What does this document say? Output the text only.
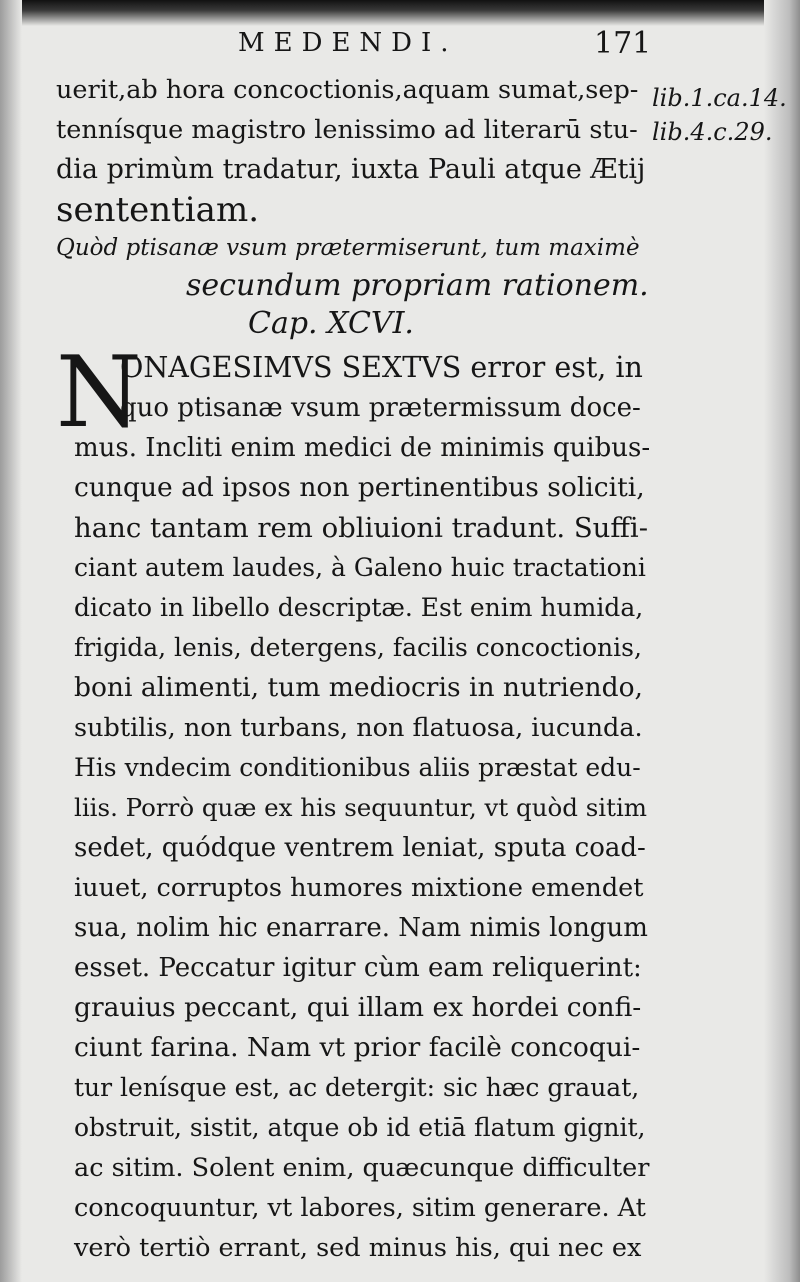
MEDENDI.	171

uerit,ab hora concoctionis,aquam sumat,sep-

tennísque magistro lenissimo ad literarū stu-

dia primùm tradatur, iuxta Pauli atque Ætij

sententiam.

lib.1.ca.14.
lib.4.c.29.

Quòd ptisanæ vsum prætermiserunt, tum maximè

secundum propriam rationem.

Cap. XCVI.

N

ONAGESIMVS SEXTVS error est, in

quo ptisanæ vsum prætermissum doce-

mus. Incliti enim medici de minimis quibus-

cunque ad ipsos non pertinentibus soliciti,

hanc tantam rem obliuioni tradunt. Suffi-

ciant autem laudes, à Galeno huic tractationi

dicato in libello descriptæ. Est enim humida,

frigida, lenis, detergens, facilis concoctionis,

boni alimenti, tum mediocris in nutriendo,

subtilis, non turbans, non flatuosa, iucunda.

His vndecim conditionibus aliis præstat edu-

liis. Porrò quæ ex his sequuntur, vt quòd sitim

sedet, quódque ventrem leniat, sputa coad-

iuuet, corruptos humores mixtione emendet

sua, nolim hic enarrare. Nam nimis longum

esset. Peccatur igitur cùm eam reliquerint:

grauius peccant, qui illam ex hordei confi-

ciunt farina. Nam vt prior facilè concoqui-

tur lenísque est, ac detergit: sic hæc grauat,

obstruit, sistit, atque ob id etiā flatum gignit,

ac sitim. Solent enim, quæcunque difficulter

concoquuntur, vt labores, sitim generare. At

verò tertiò errant, sed minus his, qui nec ex
